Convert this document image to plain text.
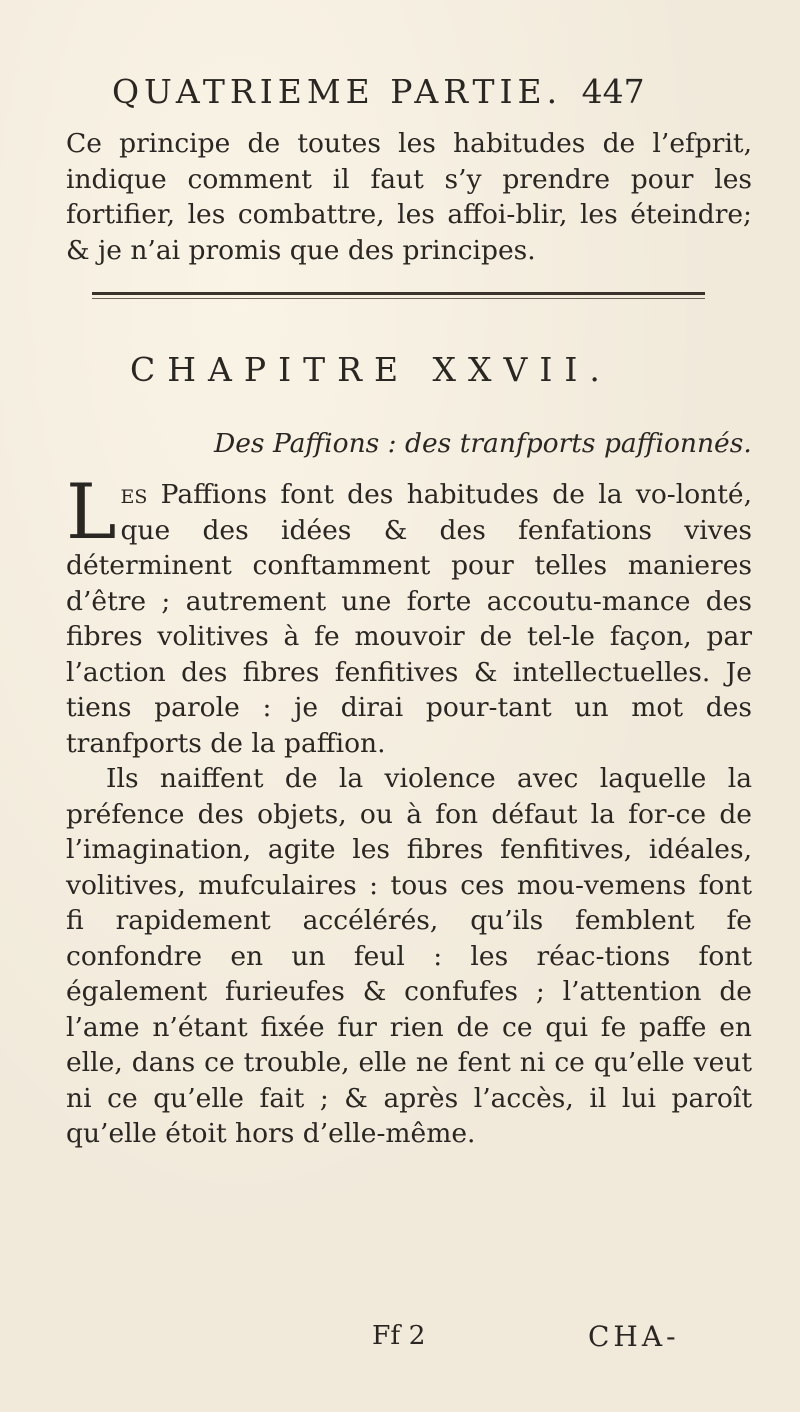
QUATRIEME PARTIE. 447
Ce principe de toutes les habitudes de l’efprit, indique comment il faut s’y prendre pour les fortifier, les combattre, les affoi-blir, les éteindre; & je n’ai promis que des principes.
CHAPITRE XXVII.
Des Paffions : des tranfports paffionnés.
Les Paffions font des habitudes de la vo-lonté, que des idées & des fenfations vives déterminent conftamment pour telles manieres d’être ; autrement une forte accoutu-mance des fibres volitives à fe mouvoir de tel-le façon, par l’action des fibres fenfitives & intellectuelles. Je tiens parole : je dirai pour-tant un mot des tranfports de la paffion.
Ils naiffent de la violence avec laquelle la préfence des objets, ou à fon défaut la for-ce de l’imagination, agite les fibres fenfitives, idéales, volitives, mufculaires : tous ces mou-vemens font fi rapidement accélérés, qu’ils femblent fe confondre en un feul : les réac-tions font également furieufes & confufes ; l’attention de l’ame n’étant fixée fur rien de ce qui fe paffe en elle, dans ce trouble, elle ne fent ni ce qu’elle veut ni ce qu’elle fait ; & après l’accès, il lui paroît qu’elle étoit hors d’elle-même.
Ff 2	CHA-
